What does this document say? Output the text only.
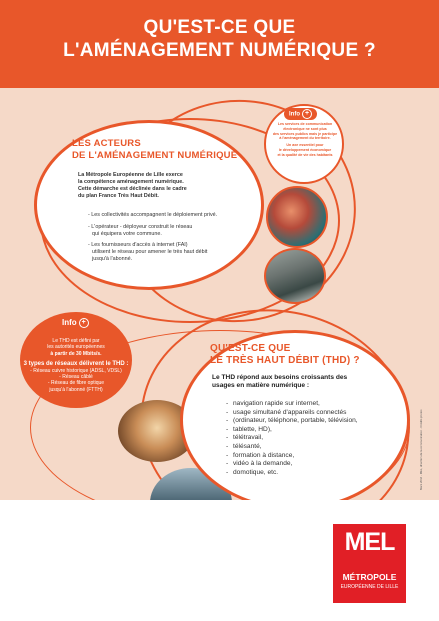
QU'EST-CE QUE
L'AMÉNAGEMENT NUMÉRIQUE ?
LES ACTEURS
DE L'AMÉNAGEMENT NUMÉRIQUE
La Métropole Européenne de Lille exerce
la compétence aménagement numérique.
Cette démarche est déclinée dans le cadre
du plan France Très Haut Débit.
- Les collectivités accompagnent le déploiement privé.
- L'opérateur - déployeur construit le réseau
qui équipera votre commune.
- Les fournisseurs d'accès à internet (FAI)
utilisent le réseau pour amener le très haut débit
jusqu'à l'abonné.
Info +
Les services de communication
électronique ne sont plus
des services publics mais je participe
à l'aménagement du territoire.
Un axe essentiel pour
le développement économique
et la qualité de vie des habitants
Info +
Le THD est défini par
les autorités européennes
à partir de 30 Mbits/s.
3 types de réseaux délivrent le THD :
- Réseau cuivre historique (ADSL, VDSL)
- Réseau câblé
- Réseau de fibre optique
jusqu'à l'abonné (FTTH)
QU'EST-CE QUE
LE TRÈS HAUT DÉBIT (THD) ?
Le THD répond aux besoins croissants des
usages en matière numérique :
- navigation rapide sur internet,
- usage simultané d'appareils connectés
- (ordinateur, téléphone, portable, télévision,
- tablette, HD),
- télétravail,
- télésanté,
- formation à distance,
- vidéo à la demande,
- domotique, etc.	Mars 2016 - MEL, direction de la communication - Crédits photos
MEL
MÉTROPOLE
EUROPÉENNE DE LILLE
